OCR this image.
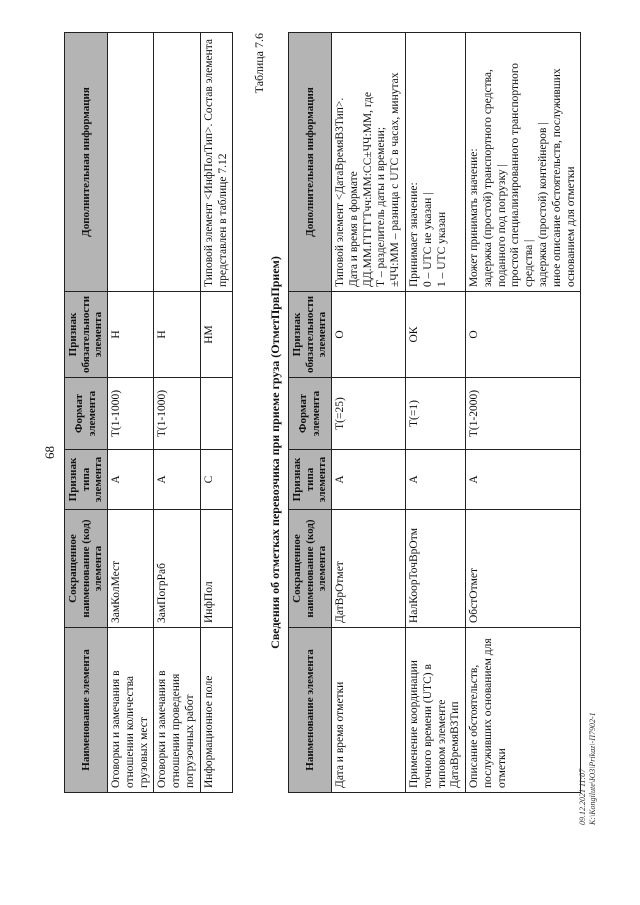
68
Наименование элемента	Сокращенное наименование (код) элемента	Признак типа элемента	Формат элемента	Признак обязательности элемента	Дополнительная информация
Оговорки и замечания в отношении количества грузовых мест	ЗамКолМест	А	Т(1-1000)	Н	
Оговорки и замечания в отношении проведения погрузочных работ	ЗамПогрРаб	А	Т(1-1000)	Н	
Информационное поле	ИнфПол	С		НМ	Типовой элемент <ИнфПолТип>. Состав элемента представлен в таблице 7.12
Таблица 7.6
Сведения об отметках перевозчика при приеме груза (ОтметПрвПрием)
Наименование элемента	Сокращенное наименование (код) элемента	Признак типа элемента	Формат элемента	Признак обязательности элемента	Дополнительная информация
Дата и время отметки	ДатВрОтмет	А	Т(=25)	О	Типовой элемент <ДатаВремяВЗТип>. Дата и время в формате ДД.ММ.ГГГГТчч:ММ:СС±ЧЧ:ММ, где Т – разделитель даты и времени; ±ЧЧ:ММ – разница с UTC в часах, минутах

Применение координации точного времени (UTC) в типовом элементе ДатаВремяВЗТип	НалКоорТочВрОтм	А	Т(=1)	ОК	Принимает значение: 0 – UTC не указан | 1 – UTC указан

Описание обстоятельств, послуживших основанием для отметки	ОбстОтмет	А	Т(1-2000)	О	Может принимать значение: задержка (простой) транспортного средства, поданного под погрузку | простой специализированного транспортного средства | задержка (простой) контейнеров | иное описание обстоятельств, послуживших основанием для отметки
09.12.2021 11:07 К:\Kongilute\ЮЗ\Prikaz\-П7902-1
